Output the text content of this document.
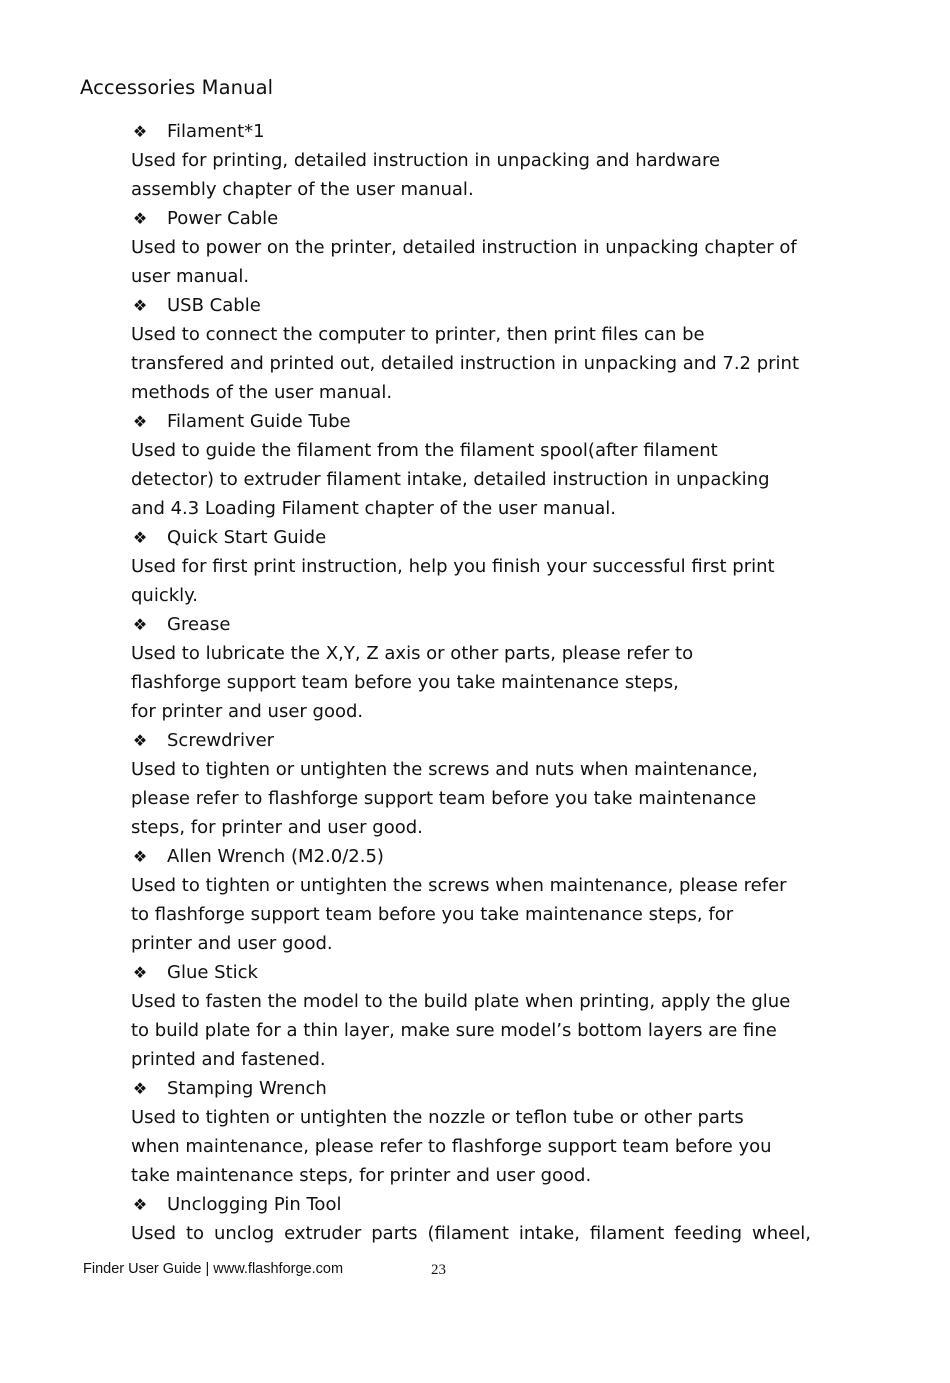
Accessories Manual
❖ Filament*1
Used for printing, detailed instruction in unpacking and hardware
assembly chapter of the user manual.
❖ Power Cable
Used to power on the printer, detailed instruction in unpacking chapter of
user manual.
❖ USB Cable
Used to connect the computer to printer, then print files can be
transfered and printed out, detailed instruction in unpacking and 7.2 print
methods of the user manual.
❖ Filament Guide Tube
Used to guide the filament from the filament spool(after filament
detector) to extruder filament intake, detailed instruction in unpacking
and 4.3 Loading Filament chapter of the user manual.
❖ Quick Start Guide
Used for first print instruction, help you finish your successful first print
quickly.
❖ Grease
Used to lubricate the X,Y, Z axis or other parts, please refer to
flashforge support team before you take maintenance steps,
for printer and user good.
❖ Screwdriver
Used to tighten or untighten the screws and nuts when maintenance,
please refer to flashforge support team before you take maintenance
steps, for printer and user good.
❖ Allen Wrench (M2.0/2.5)
Used to tighten or untighten the screws when maintenance, please refer
to flashforge support team before you take maintenance steps, for
printer and user good.
❖ Glue Stick
Used to fasten the model to the build plate when printing, apply the glue
to build plate for a thin layer, make sure model’s bottom layers are fine
printed and fastened.
❖ Stamping Wrench
Used to tighten or untighten the nozzle or teflon tube or other parts
when maintenance, please refer to flashforge support team before you
take maintenance steps, for printer and user good.
❖ Unclogging Pin Tool
Used to unclog extruder parts (filament intake, filament feeding wheel,
Finder User Guide | www.flashforge.com	23
